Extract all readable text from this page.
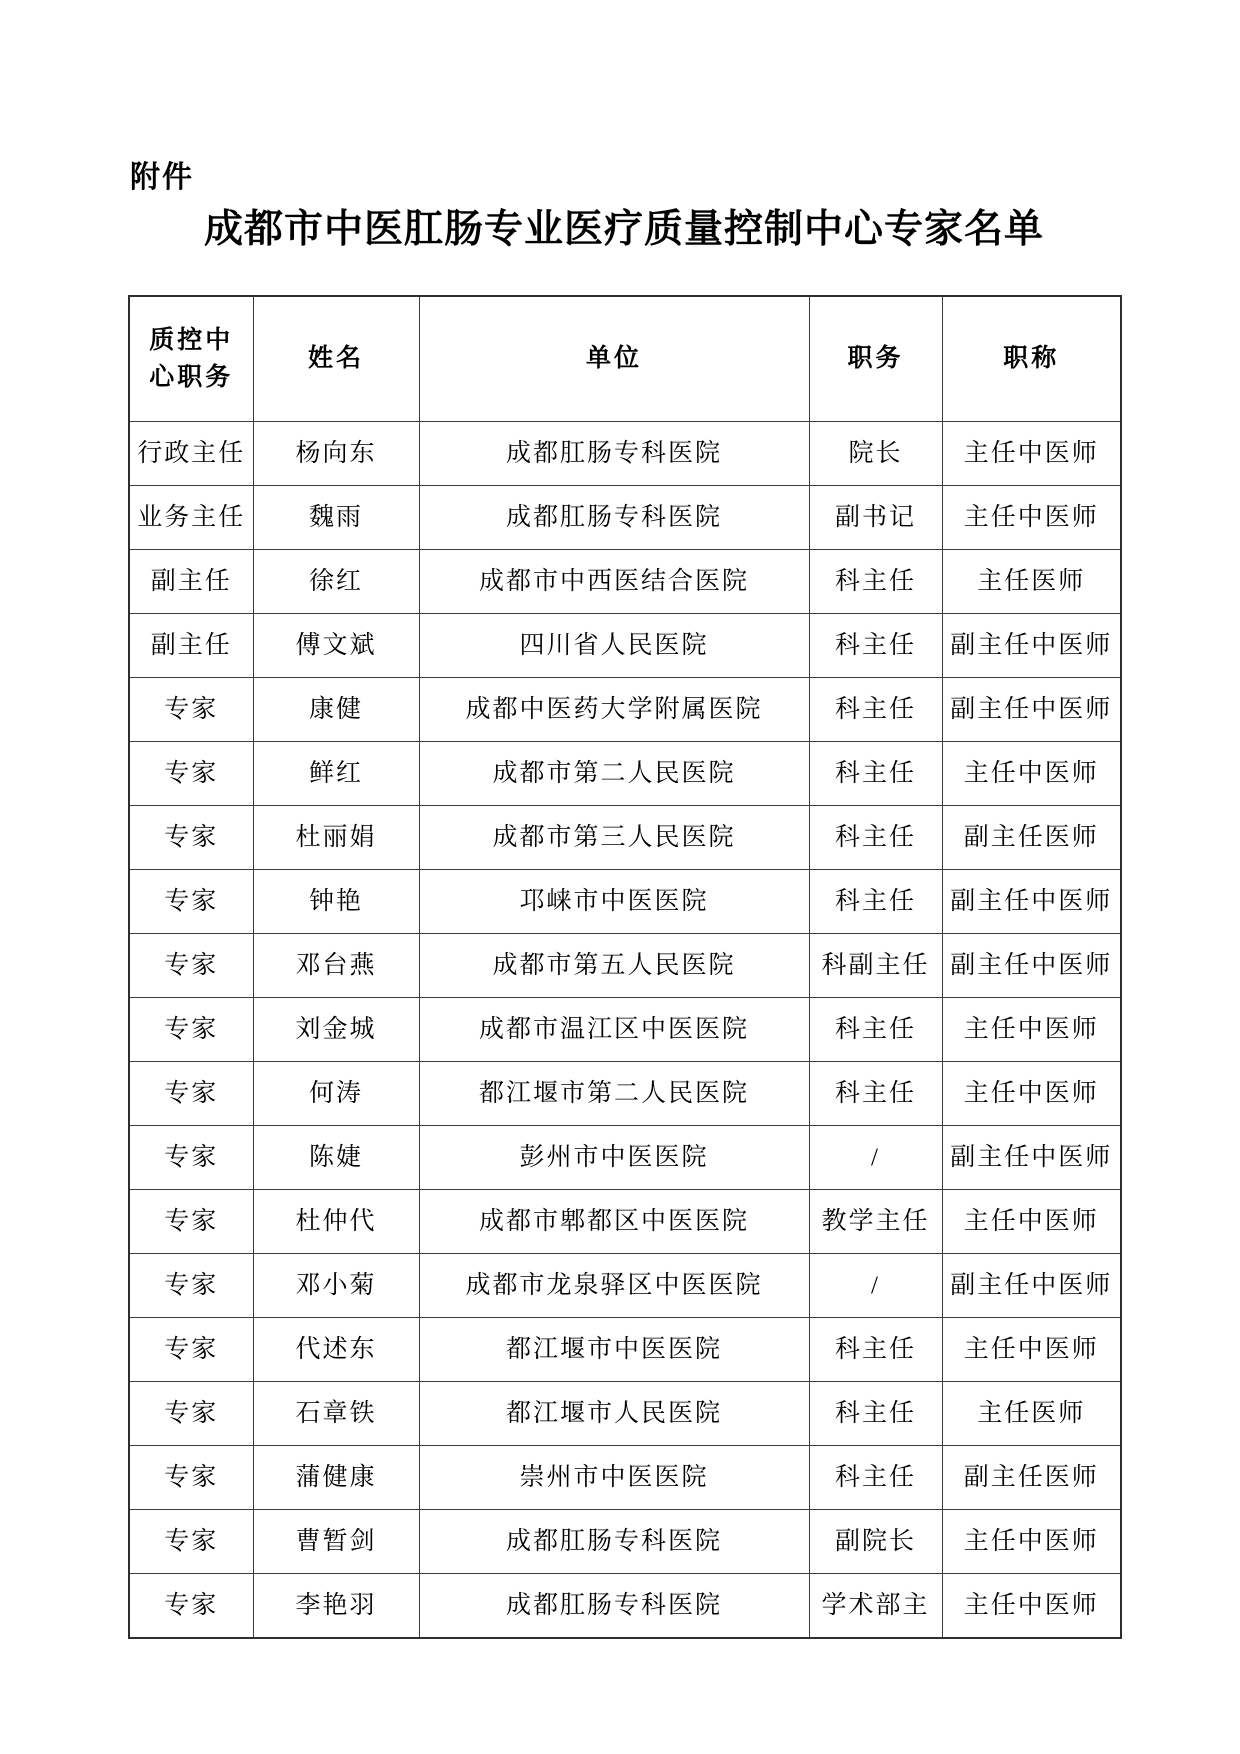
附件
成都市中医肛肠专业医疗质量控制中心专家名单
质控中心职务	姓名	单位	职务	职称
行政主任	杨向东	成都肛肠专科医院	院长	主任中医师
业务主任	魏雨	成都肛肠专科医院	副书记	主任中医师
副主任	徐红	成都市中西医结合医院	科主任	主任医师
副主任	傅文斌	四川省人民医院	科主任	副主任中医师
专家	康健	成都中医药大学附属医院	科主任	副主任中医师
专家	鲜红	成都市第二人民医院	科主任	主任中医师
专家	杜丽娟	成都市第三人民医院	科主任	副主任医师
专家	钟艳	邛崃市中医医院	科主任	副主任中医师
专家	邓台燕	成都市第五人民医院	科副主任	副主任中医师
专家	刘金城	成都市温江区中医医院	科主任	主任中医师
专家	何涛	都江堰市第二人民医院	科主任	主任中医师
专家	陈婕	彭州市中医医院	/	副主任中医师
专家	杜仲代	成都市郫都区中医医院	教学主任	主任中医师
专家	邓小菊	成都市龙泉驿区中医医院	/	副主任中医师
专家	代述东	都江堰市中医医院	科主任	主任中医师
专家	石章铁	都江堰市人民医院	科主任	主任医师
专家	蒲健康	崇州市中医医院	科主任	副主任医师
专家	曹暂剑	成都肛肠专科医院	副院长	主任中医师
专家	李艳羽	成都肛肠专科医院	学术部主	主任中医师
